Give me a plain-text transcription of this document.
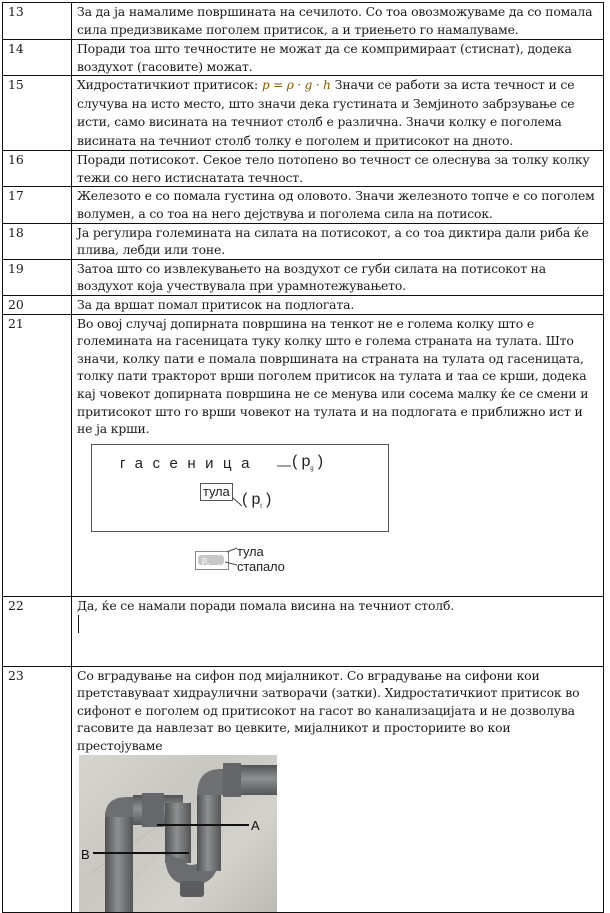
13	За да ја намалиме површината на сечилото. Со тоа овозможуваме да со помала сила предизвикаме поголем притисок, а и триењето го намалуваме.
14	Поради тоа што течностите не можат да се компримираат (стиснат), додека воздухот (гасовите) можат.
15	Хидростатичкиот притисок: p = ρ · g · h Значи се работи за иста течност и се случува на исто место, што значи дека густината и Земјиното забрзување се исти, само висината на течниот столб е различна. Значи колку е поголема висината на течниот столб толку е поголем и притисокот на дното.
16	Поради потисокот. Секое тело потопено во течност се олеснува за толку колку тежи со него истиснатата течност.
17	Железото е со помала густина од оловото. Значи железното топче е со поголем волумен, а со тоа на него дејствува и поголема сила на потисок.
18	Ја регулира големината на силата на потисокот, а со тоа диктира дали риба ќе плива, лебди или тоне.
19	Затоа што со извлекувањето на воздухот се губи силата на потисокот на воздухот која учествувала при урамнотежувањето.
20	За да вршат помал притисок на подлогата.
21	Во овој случај допирната површина на тенкот не е голема колку што е големината на гасеницата туку колку што е голема страната на тулата. Што значи, колку пати е помала површината на страната на тулата од гасеницата, толку пати тракторот врши поголем притисок на тулата и таа се крши, додека кај човекот допирната површина не се менува или сосема малку ќе се смени и притисокот што го врши човекот на тулата и на подлогата е приближно ист и не ја крши.
гасеница ( $p_g$ )
тула ( $p_t$ )
$p_s$
тула
стапало

22	Да, ќе се намали поради помала висина на течниот столб.

23	Со вградување на сифон под мијалникот. Со вградување на сифони кои претставуваат хидраулични затворачи (затки). Хидростатичкиот притисок во сифонот е поголем од притисокот на гасот во канализацијата и не дозволува гасовите да навлезат во цевките, мијалникот и просториите во кои престојуваме
A
B
